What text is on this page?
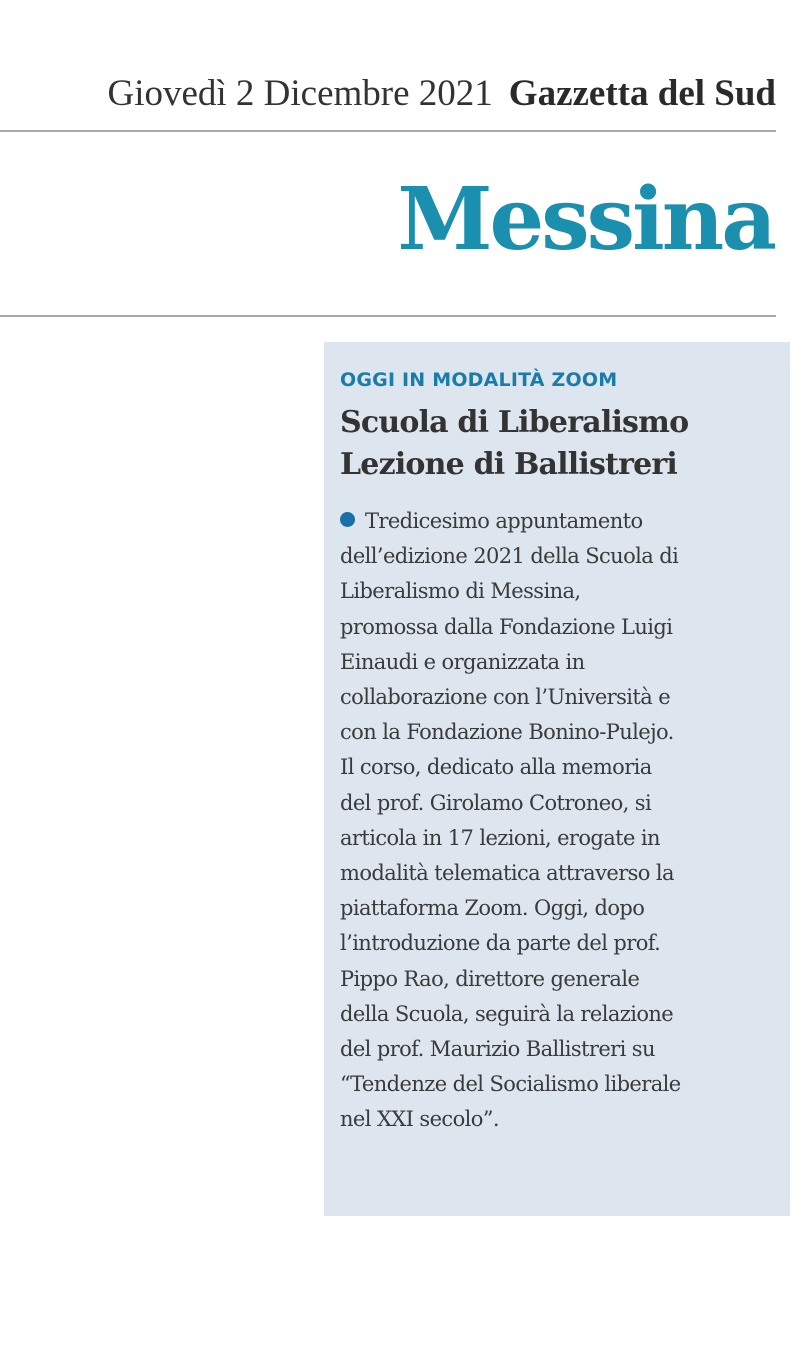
Giovedì 2 Dicembre 2021 Gazzetta del Sud
Messina
OGGI IN MODALITÀ ZOOM
Scuola di Liberalismo
Lezione di Ballistreri
Tredicesimo appuntamento
dell’edizione 2021 della Scuola di
Liberalismo di Messina,
promossa dalla Fondazione Luigi
Einaudi e organizzata in
collaborazione con l’Università e
con la Fondazione Bonino-Pulejo.
Il corso, dedicato alla memoria
del prof. Girolamo Cotroneo, si
articola in 17 lezioni, erogate in
modalità telematica attraverso la
piattaforma Zoom. Oggi, dopo
l’introduzione da parte del prof.
Pippo Rao, direttore generale
della Scuola, seguirà la relazione
del prof. Maurizio Ballistreri su
“Tendenze del Socialismo liberale
nel XXI secolo”.
